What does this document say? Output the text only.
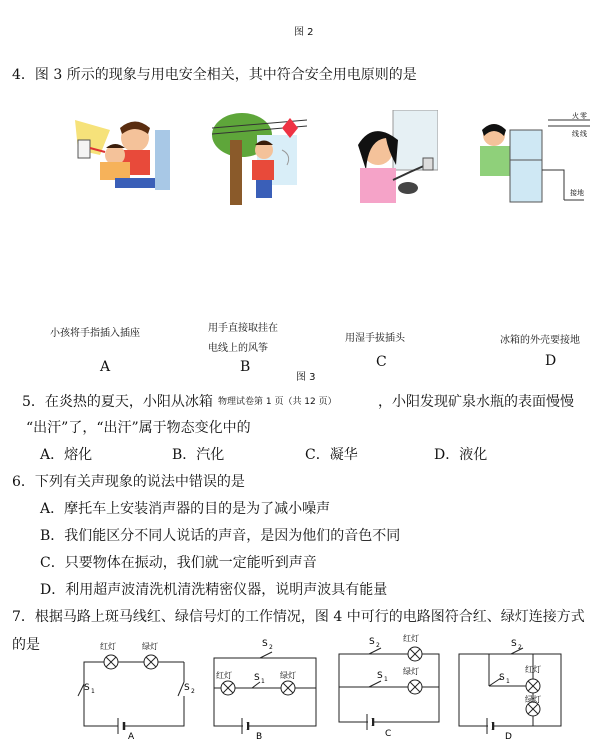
图 2
4．图 3 所示的现象与用电安全相关，其中符合安全用电原则的是
火 零
线 线
接地
小孩将手指插入插座
A
用手直接取挂在
电线上的风筝
B
用湿手拔插头
C
冰箱的外壳要接地
D
图 3
5．在炎热的夏天，小阳从冰箱 物理试卷第 1 页（共 12 页）	，小阳发现矿泉水瓶的表面慢慢
“出汗”了，“出汗”属于物态变化中的
A．熔化	B．汽化	C．凝华	D．液化
6．下列有关声现象的说法中错误的是
A．摩托车上安装消声器的目的是为了减小噪声
B．我们能区分不同人说话的声音，是因为他们的音色不同
C．只要物体在振动，我们就一定能听到声音
D．利用超声波清洗机清洗精密仪器，说明声波具有能量
7．根据马路上斑马线红、绿信号灯的工作情况，图 4 中可行的电路图符合红、绿灯连接方式
的是	红灯	绿灯
S 1	S 2
A
S 2
红灯	绿灯
S 1
B
S 2
红灯
S 1
绿灯
C
S 2
红灯
S 1
绿灯
D
